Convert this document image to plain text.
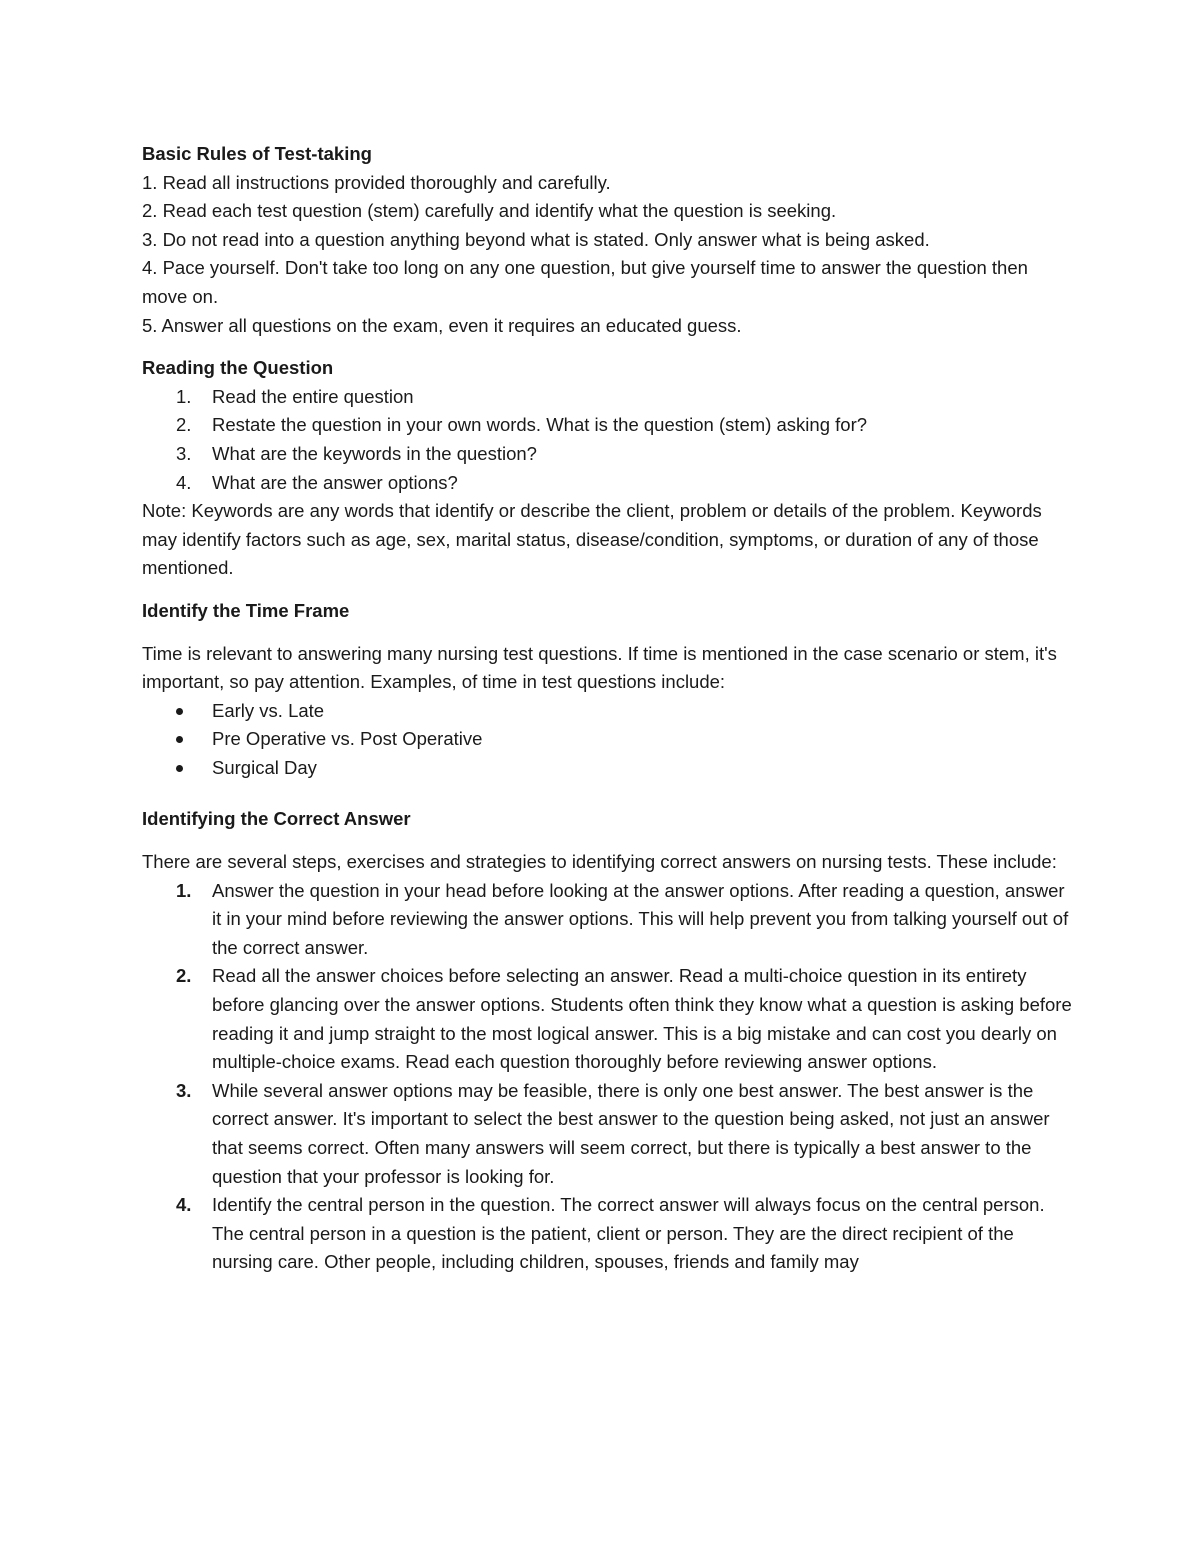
Basic Rules of Test-taking

1. Read all instructions provided thoroughly and carefully.
2. Read each test question (stem) carefully and identify what the question is seeking.
3. Do not read into a question anything beyond what is stated. Only answer what is being asked.
4. Pace yourself. Don't take too long on any one question, but give yourself time to answer the question then move on.
5. Answer all questions on the exam, even it requires an educated guess.

Reading the Question

1. Read the entire question
2. Restate the question in your own words. What is the question (stem) asking for?
3. What are the keywords in the question?
4. What are the answer options?

Note: Keywords are any words that identify or describe the client, problem or details of the problem. Keywords may identify factors such as age, sex, marital status, disease/condition, symptoms, or duration of any of those mentioned.

Identify the Time Frame

Time is relevant to answering many nursing test questions. If time is mentioned in the case scenario or stem, it's important, so pay attention. Examples, of time in test questions include:

Early vs. Late
Pre Operative vs. Post Operative
Surgical Day

Identifying the Correct Answer

There are several steps, exercises and strategies to identifying correct answers on nursing tests. These include:

1. Answer the question in your head before looking at the answer options. After reading a question, answer it in your mind before reviewing the answer options. This will help prevent you from talking yourself out of the correct answer.
2. Read all the answer choices before selecting an answer. Read a multi-choice question in its entirety before glancing over the answer options. Students often think they know what a question is asking before reading it and jump straight to the most logical answer. This is a big mistake and can cost you dearly on multiple-choice exams. Read each question thoroughly before reviewing answer options.
3. While several answer options may be feasible, there is only one best answer. The best answer is the correct answer. It's important to select the best answer to the question being asked, not just an answer that seems correct. Often many answers will seem correct, but there is typically a best answer to the question that your professor is looking for.
4. Identify the central person in the question. The correct answer will always focus on the central person. The central person in a question is the patient, client or person. They are the direct recipient of the nursing care. Other people, including children, spouses, friends and family may
